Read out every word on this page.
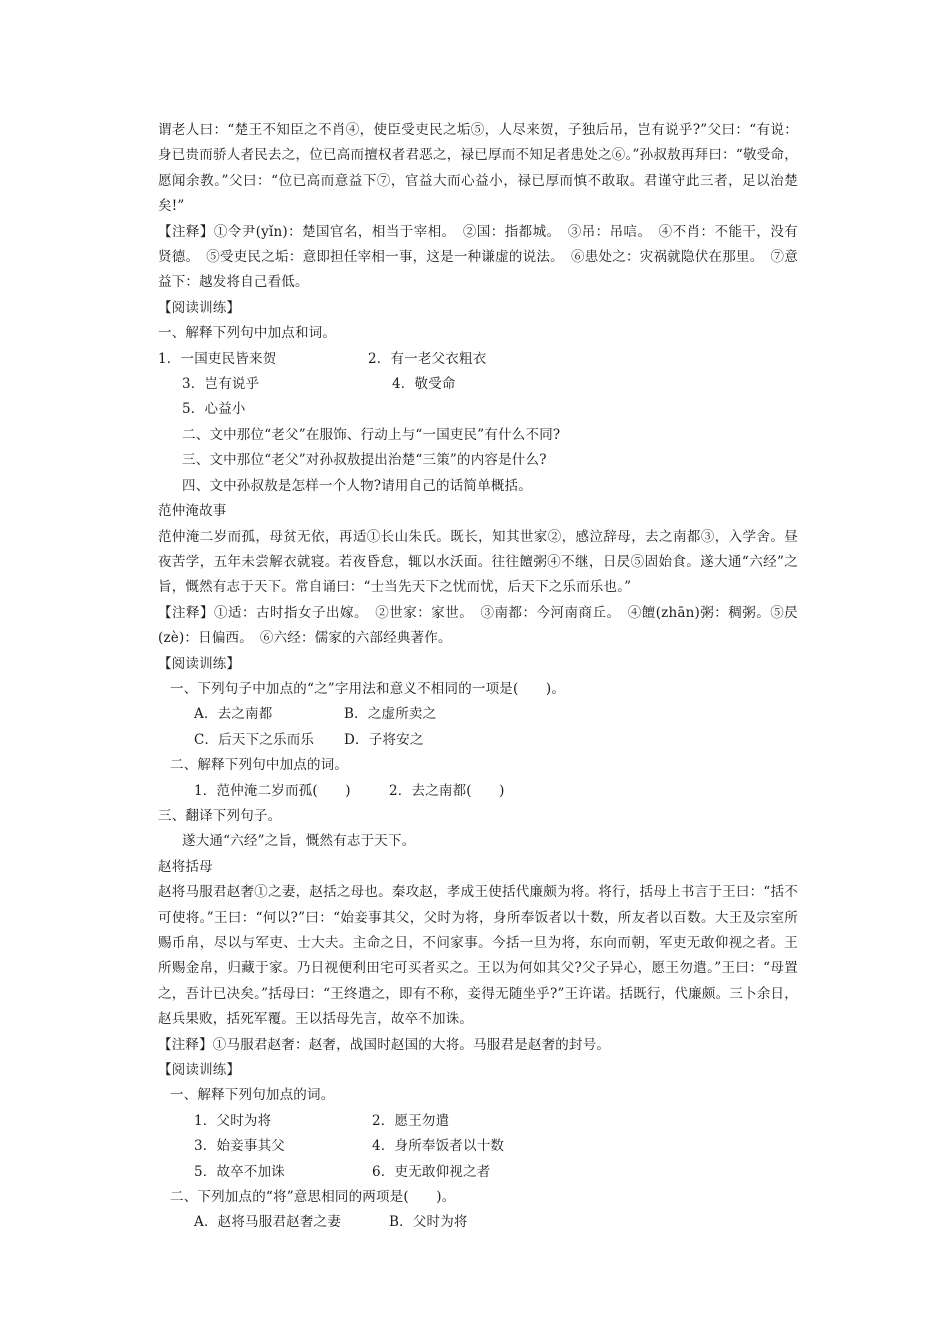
谓老人曰：“楚王不知臣之不肖④，使臣受吏民之垢⑤，人尽来贺，子独后吊，岂有说乎?”父曰：“有说：身已贵而骄人者民去之，位已高而擅权者君恶之，禄已厚而不知足者患处之⑥。”孙叔敖再拜曰：“敬受命，愿闻余教。”父曰：“位已高而意益下⑦，官益大而心益小，禄已厚而慎不敢取。君谨守此三者，足以治楚矣!”

【注释】①令尹(yǐn)：楚国官名，相当于宰相。　②国：指都城。　③吊：吊唁。　④不肖：不能干，没有贤德。　⑤受吏民之垢：意即担任宰相一事，这是一种谦虚的说法。　⑥患处之：灾祸就隐伏在那里。　⑦意益下：越发将自己看低。

【阅读训练】

一、解释下列句中加点和词。

1．一国吏民皆来贺	2．有一老父衣粗衣
3．岂有说乎	4．敬受命

5．心益小

二、文中那位“老父”在服饰、行动上与“一国吏民”有什么不同?

三、文中那位“老父”对孙叔敖提出治楚“三策”的内容是什么?

四、文中孙叔敖是怎样一个人物?请用自己的话简单概括。

范仲淹故事

范仲淹二岁而孤，母贫无依，再适①长山朱氏。既长，知其世家②，感泣辞母，去之南都③，入学舍。昼夜苦学，五年未尝解衣就寝。若夜昏怠，辄以水沃面。往往饘粥④不继，日昃⑤固始食。遂大通“六经”之旨，慨然有志于天下。常自诵曰：“士当先天下之忧而忧，后天下之乐而乐也。”

【注释】①适：古时指女子出嫁。　②世家：家世。　③南都：今河南商丘。　④饘(zhān)粥：稠粥。⑤昃(zè)：日偏西。　⑥六经：儒家的六部经典著作。

【阅读训练】

一、下列句子中加点的“之”字用法和意义不相同的一项是(　　)。

A．去之南都	B．之虚所卖之
C．后天下之乐而乐	D．子将安之

二、解释下列句中加点的词。

1．范仲淹二岁而孤(　　)	2．去之南都(　　)

三、翻译下列句子。

遂大通“六经”之旨，慨然有志于天下。

赵将括母

赵将马服君赵奢①之妻，赵括之母也。秦攻赵，孝成王使括代廉颇为将。将行，括母上书言于王曰：“括不可使将。”王曰：“何以?”曰：“始妾事其父，父时为将，身所奉饭者以十数，所友者以百数。大王及宗室所赐币帛，尽以与军吏、士大夫。主命之日，不问家事。今括一旦为将，东向而朝，军吏无敢仰视之者。王所赐金帛，归藏于家。乃日视便利田宅可买者买之。王以为何如其父?父子异心，愿王勿遣。”王曰：“母置之，吾计已决矣。”括母曰：“王终遣之，即有不称，妾得无随坐乎?”王许诺。括既行，代廉颇。三卜余日，赵兵果败，括死军覆。王以括母先言，故卒不加诛。

【注释】①马服君赵奢：赵奢，战国时赵国的大将。马服君是赵奢的封号。

【阅读训练】

一、解释下列句加点的词。

1．父时为将	2．愿王勿遣
3．始妾事其父	4．身所奉饭者以十数
5．故卒不加诛	6．吏无敢仰视之者

二、下列加点的“将”意思相同的两项是(　　)。

A．赵将马服君赵奢之妻	B．父时为将
